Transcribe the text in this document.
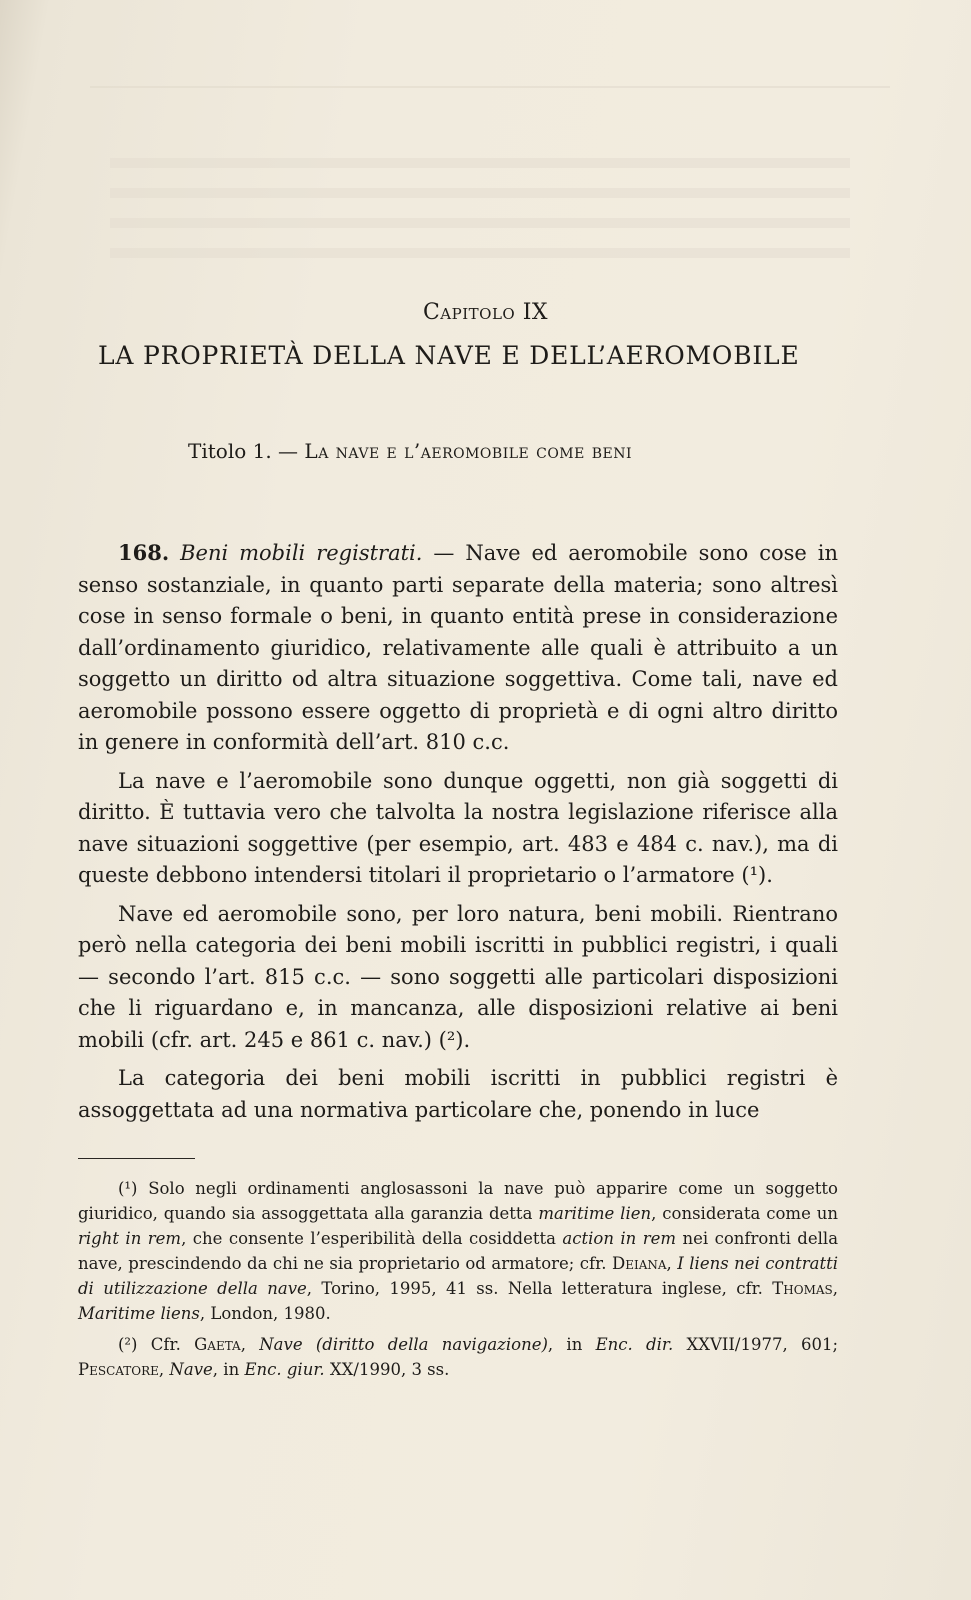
Capitolo IX
LA PROPRIETÀ DELLA NAVE E DELL’AEROMOBILE
Titolo 1. — La nave e l’aeromobile come beni

168. Beni mobili registrati. — Nave ed aeromobile sono cose in senso sostanziale, in quanto parti separate della materia; sono altresì cose in senso formale o beni, in quanto entità prese in considerazione dall’ordinamento giuridico, relativamente alle quali è attribuito a un soggetto un diritto od altra situazione soggettiva. Come tali, nave ed aeromobile possono essere oggetto di proprietà e di ogni altro diritto in genere in conformità dell’art. 810 c.c.

La nave e l’aeromobile sono dunque oggetti, non già soggetti di diritto. È tuttavia vero che talvolta la nostra legislazione riferisce alla nave situazioni soggettive (per esempio, art. 483 e 484 c. nav.), ma di queste debbono intendersi titolari il proprietario o l’armatore (¹).

Nave ed aeromobile sono, per loro natura, beni mobili. Rientrano però nella categoria dei beni mobili iscritti in pubblici registri, i quali — secondo l’art. 815 c.c. — sono soggetti alle particolari disposizioni che li riguardano e, in mancanza, alle disposizioni relative ai beni mobili (cfr. art. 245 e 861 c. nav.) (²).

La categoria dei beni mobili iscritti in pubblici registri è assoggettata ad una normativa particolare che, ponendo in luce

(¹) Solo negli ordinamenti anglosassoni la nave può apparire come un soggetto giuridico, quando sia assoggettata alla garanzia detta maritime lien, considerata come un right in rem, che consente l’esperibilità della cosiddetta action in rem nei confronti della nave, prescindendo da chi ne sia proprietario od armatore; cfr. Deiana, I liens nei contratti di utilizzazione della nave, Torino, 1995, 41 ss. Nella letteratura inglese, cfr. Thomas, Maritime liens, London, 1980.

(²) Cfr. Gaeta, Nave (diritto della navigazione), in Enc. dir. XXVII/1977, 601; Pescatore, Nave, in Enc. giur. XX/1990, 3 ss.
